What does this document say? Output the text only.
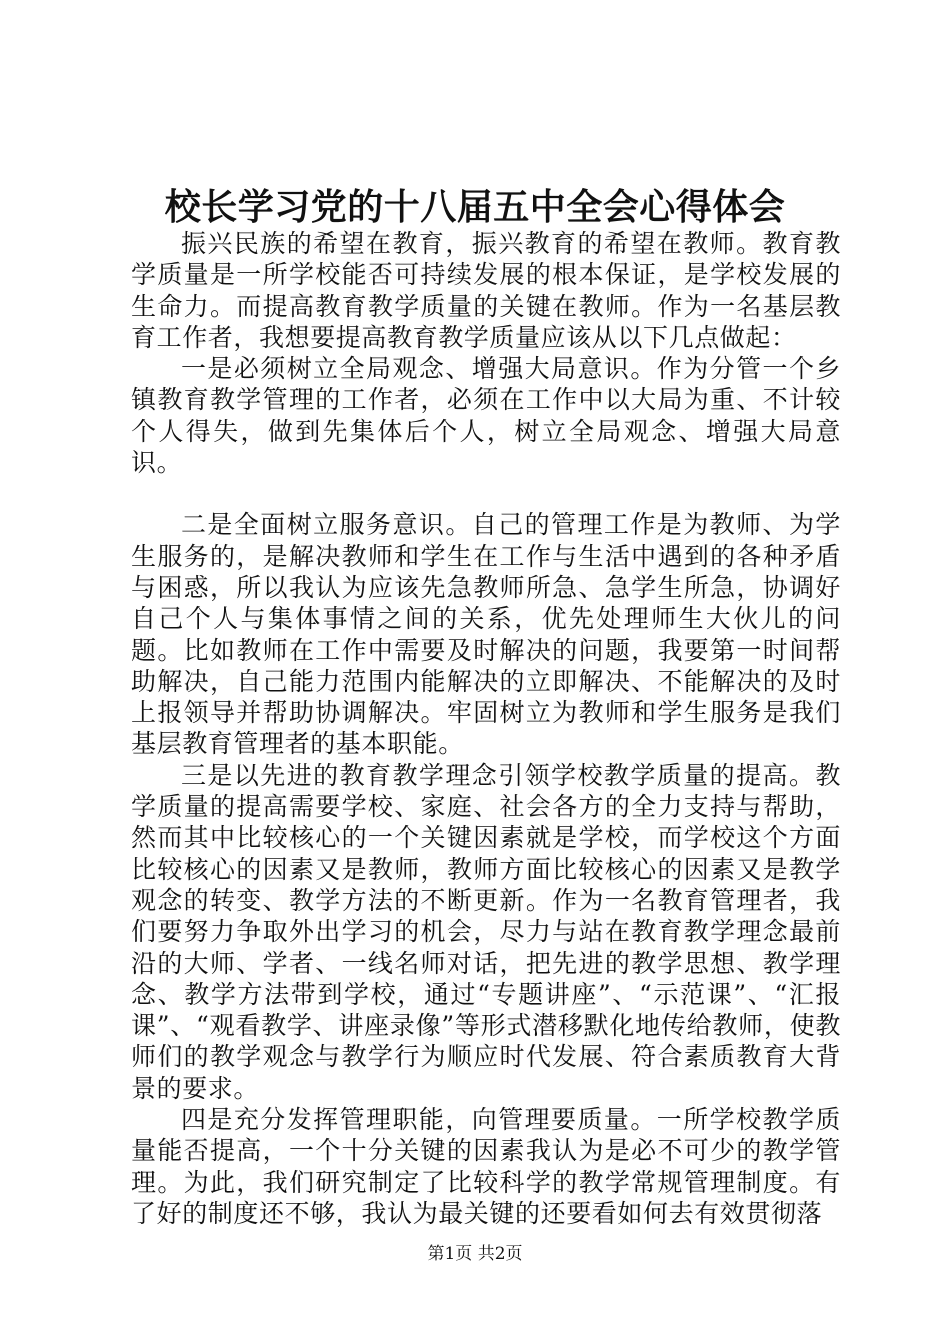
校长学习党的十八届五中全会心得体会

振兴民族的希望在教育，振兴教育的希望在教师。教育教学质量是一所学校能否可持续发展的根本保证，是学校发展的生命力。而提高教育教学质量的关键在教师。作为一名基层教育工作者，我想要提高教育教学质量应该从以下几点做起：

一是必须树立全局观念、增强大局意识。作为分管一个乡镇教育教学管理的工作者，必须在工作中以大局为重、不计较个人得失，做到先集体后个人，树立全局观念、增强大局意识。

二是全面树立服务意识。自己的管理工作是为教师、为学生服务的，是解决教师和学生在工作与生活中遇到的各种矛盾与困惑，所以我认为应该先急教师所急、急学生所急，协调好自己个人与集体事情之间的关系，优先处理师生大伙儿的问题。比如教师在工作中需要及时解决的问题，我要第一时间帮助解决，自己能力范围内能解决的立即解决、不能解决的及时上报领导并帮助协调解决。牢固树立为教师和学生服务是我们基层教育管理者的基本职能。

三是以先进的教育教学理念引领学校教学质量的提高。教学质量的提高需要学校、家庭、社会各方的全力支持与帮助，然而其中比较核心的一个关键因素就是学校，而学校这个方面比较核心的因素又是教师，教师方面比较核心的因素又是教学观念的转变、教学方法的不断更新。作为一名教育管理者，我们要努力争取外出学习的机会，尽力与站在教育教学理念最前沿的大师、学者、一线名师对话，把先进的教学思想、教学理念、教学方法带到学校，通过“专题讲座”、“示范课”、“汇报课”、“观看教学、讲座录像”等形式潜移默化地传给教师，使教师们的教学观念与教学行为顺应时代发展、符合素质教育大背景的要求。

四是充分发挥管理职能，向管理要质量。一所学校教学质量能否提高，一个十分关键的因素我认为是必不可少的教学管理。为此，我们研究制定了比较科学的教学常规管理制度。有了好的制度还不够，我认为最关键的还要看如何去有效贯彻落

第1页 共2页
